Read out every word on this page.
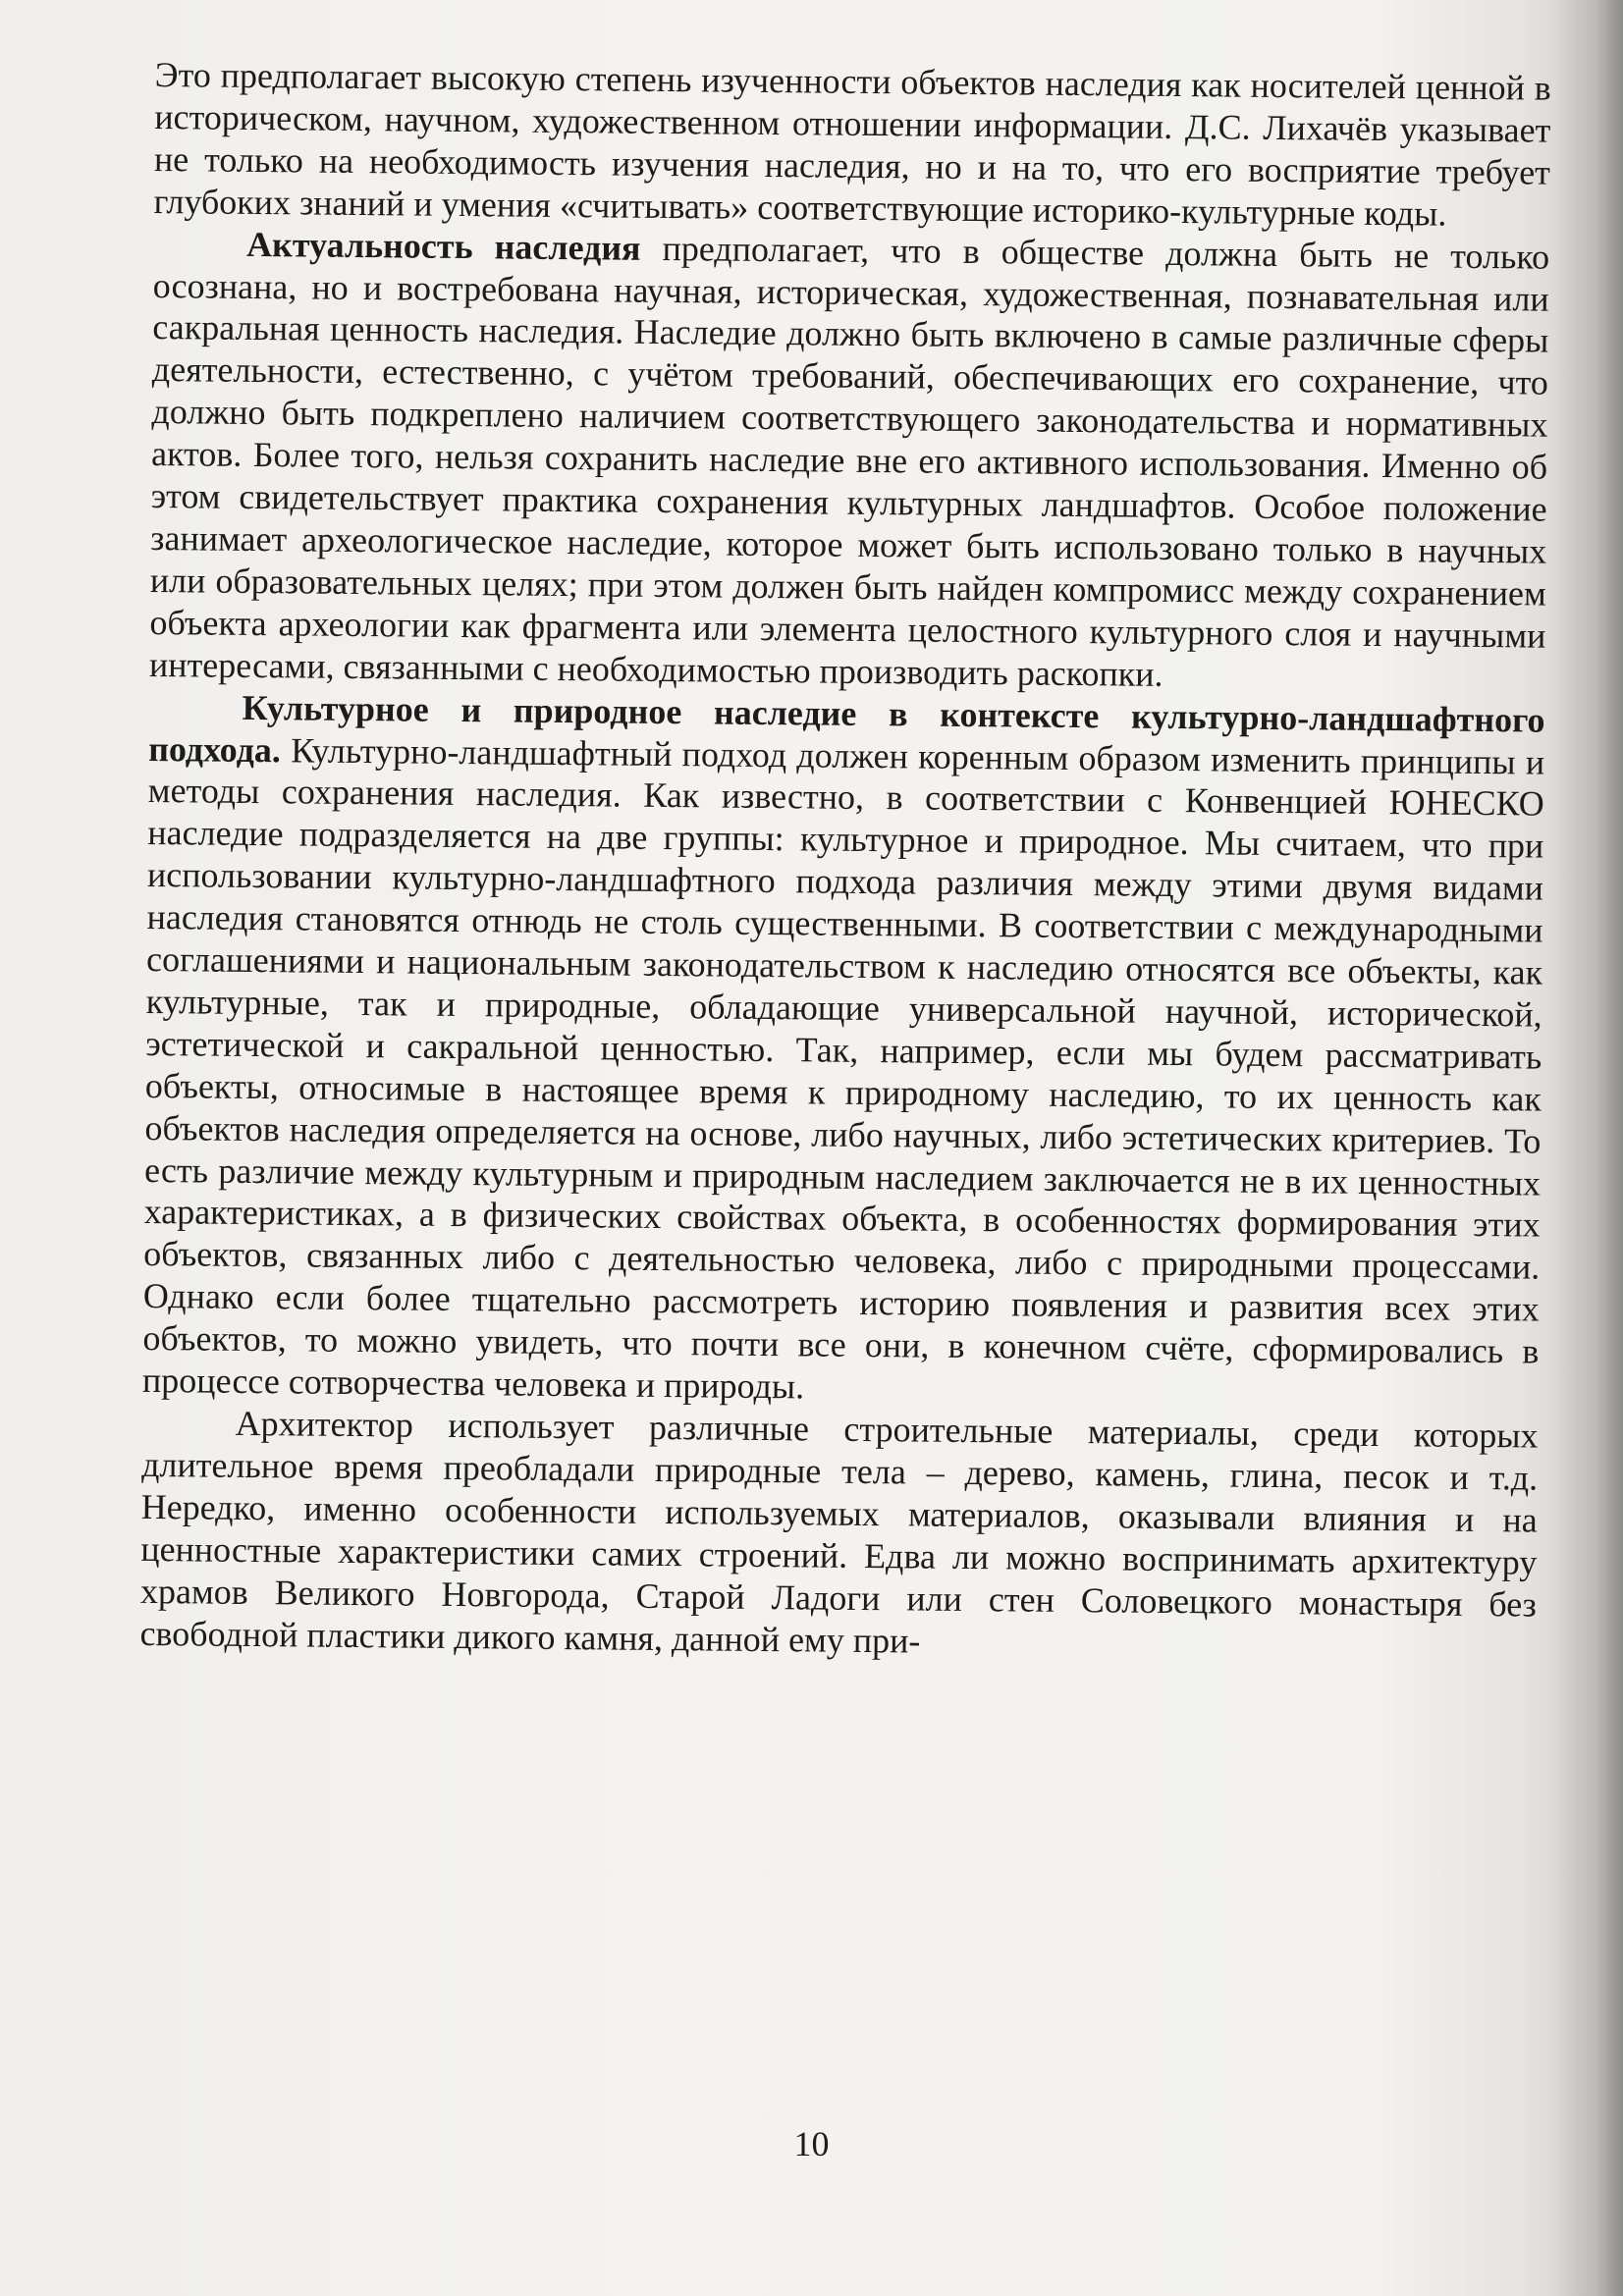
Это предполагает высокую степень изученности объектов наследия как носителей ценной в историческом, научном, художественном отношении информации. Д.С. Лихачёв указывает не только на необходимость изучения наследия, но и на то, что его восприятие требует глубоких знаний и умения «считывать» соответствующие историко-культурные коды.

Актуальность наследия предполагает, что в обществе должна быть не только осознана, но и востребована научная, историческая, художественная, познавательная или сакральная ценность наследия. Наследие должно быть включено в самые различные сферы деятельности, естественно, с учётом требований, обеспечивающих его сохранение, что должно быть подкреплено наличием соответствующего законодательства и нормативных актов. Более того, нельзя сохранить наследие вне его активного использования. Именно об этом свидетельствует практика сохранения культурных ландшафтов. Особое положение занимает археологическое наследие, которое может быть использовано только в научных или образовательных целях; при этом должен быть найден компромисс между сохранением объекта археологии как фрагмента или элемента целостного культурного слоя и научными интересами, связанными с необходимостью производить раскопки.

Культурное и природное наследие в контексте культурно-ландшафтного подхода. Культурно-ландшафтный подход должен коренным образом изменить принципы и методы сохранения наследия. Как известно, в соответствии с Конвенцией ЮНЕСКО наследие подразделяется на две группы: культурное и природное. Мы считаем, что при использовании культурно-ландшафтного подхода различия между этими двумя видами наследия становятся отнюдь не столь существенными. В соответствии с международными соглашениями и национальным законодательством к наследию относятся все объекты, как культурные, так и природные, обладающие универсальной научной, исторической, эстетической и сакральной ценностью. Так, например, если мы будем рассматривать объекты, относимые в настоящее время к природному наследию, то их ценность как объектов наследия определяется на основе, либо научных, либо эстетических критериев. То есть различие между культурным и природным наследием заключается не в их ценностных характеристиках, а в физических свойствах объекта, в особенностях формирования этих объектов, связанных либо с деятельностью человека, либо с природными процессами. Однако если более тщательно рассмотреть историю появления и развития всех этих объектов, то можно увидеть, что почти все они, в конечном счёте, сформировались в процессе сотворчества человека и природы.

Архитектор использует различные строительные материалы, среди которых длительное время преобладали природные тела – дерево, камень, глина, песок и т.д. Нередко, именно особенности используемых материалов, оказывали влияния и на ценностные характеристики самих строений. Едва ли можно воспринимать архитектуру храмов Великого Новгорода, Старой Ладоги или стен Соловецкого монастыря без свободной пластики дикого камня, данной ему при-

10
